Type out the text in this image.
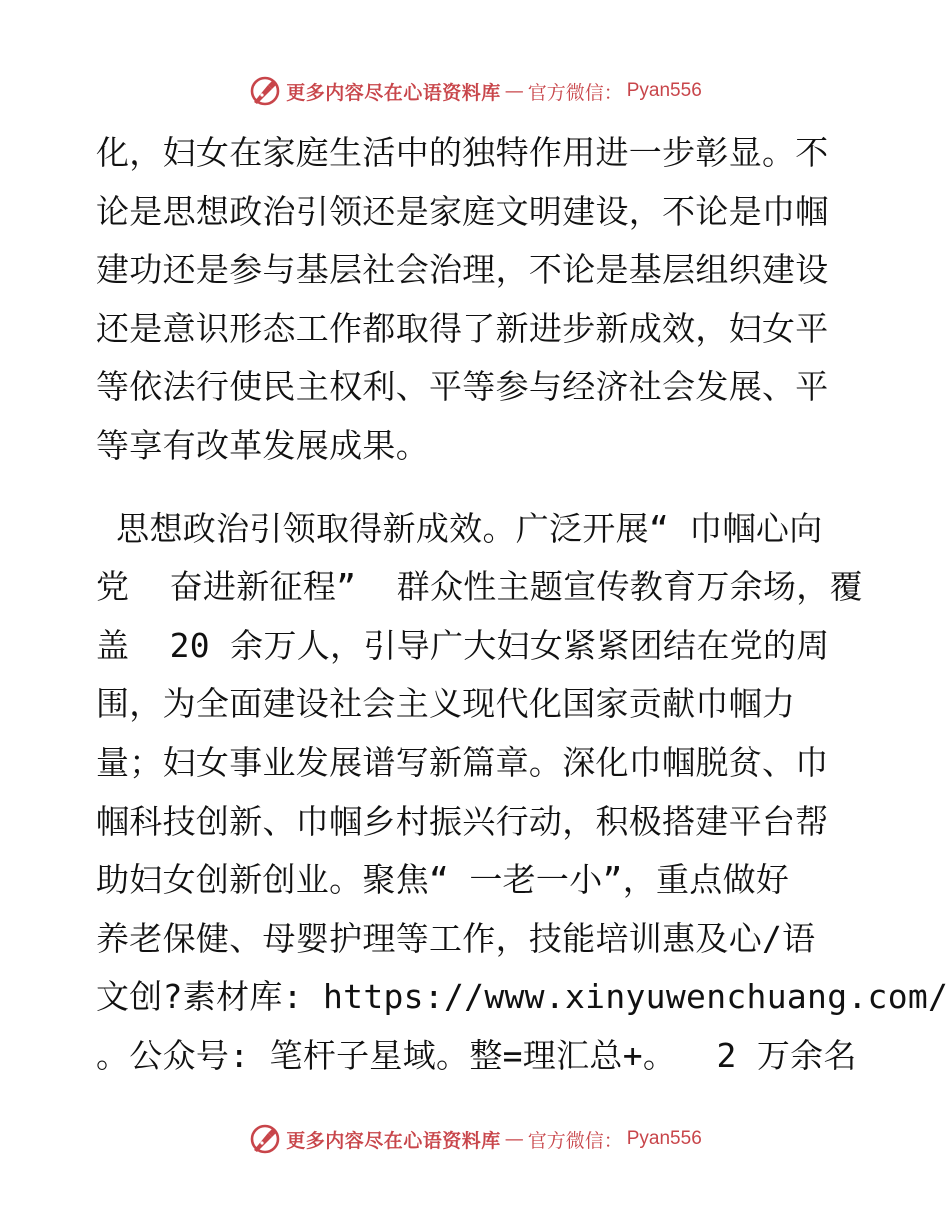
更多内容尽在心语资料库 — 官方微信： Pyan556
化，妇女在家庭生活中的独特作用进一步彰显。不
论是思想政治引领还是家庭文明建设，不论是巾帼
建功还是参与基层社会治理，不论是基层组织建设
还是意识形态工作都取得了新进步新成效，妇女平
等依法行使民主权利、平等参与经济社会发展、平
等享有改革发展成果。
思想政治引领取得新成效。广泛开展“ 巾帼心向
党  奋进新征程”  群众性主题宣传教育万余场，覆
盖  20 余万人，引导广大妇女紧紧团结在党的周
围，为全面建设社会主义现代化国家贡献巾帼力
量；妇女事业发展谱写新篇章。深化巾帼脱贫、巾
帼科技创新、巾帼乡村振兴行动，积极搭建平台帮
助妇女创新创业。聚焦“ 一老一小”，重点做好
养老保健、母婴护理等工作，技能培训惠及心/语
文创?素材库: https://www.xinyuwenchuang.com/
。公众号: 笔杆子星域。整=理汇总+。  2 万余名
更多内容尽在心语资料库 — 官方微信： Pyan556
